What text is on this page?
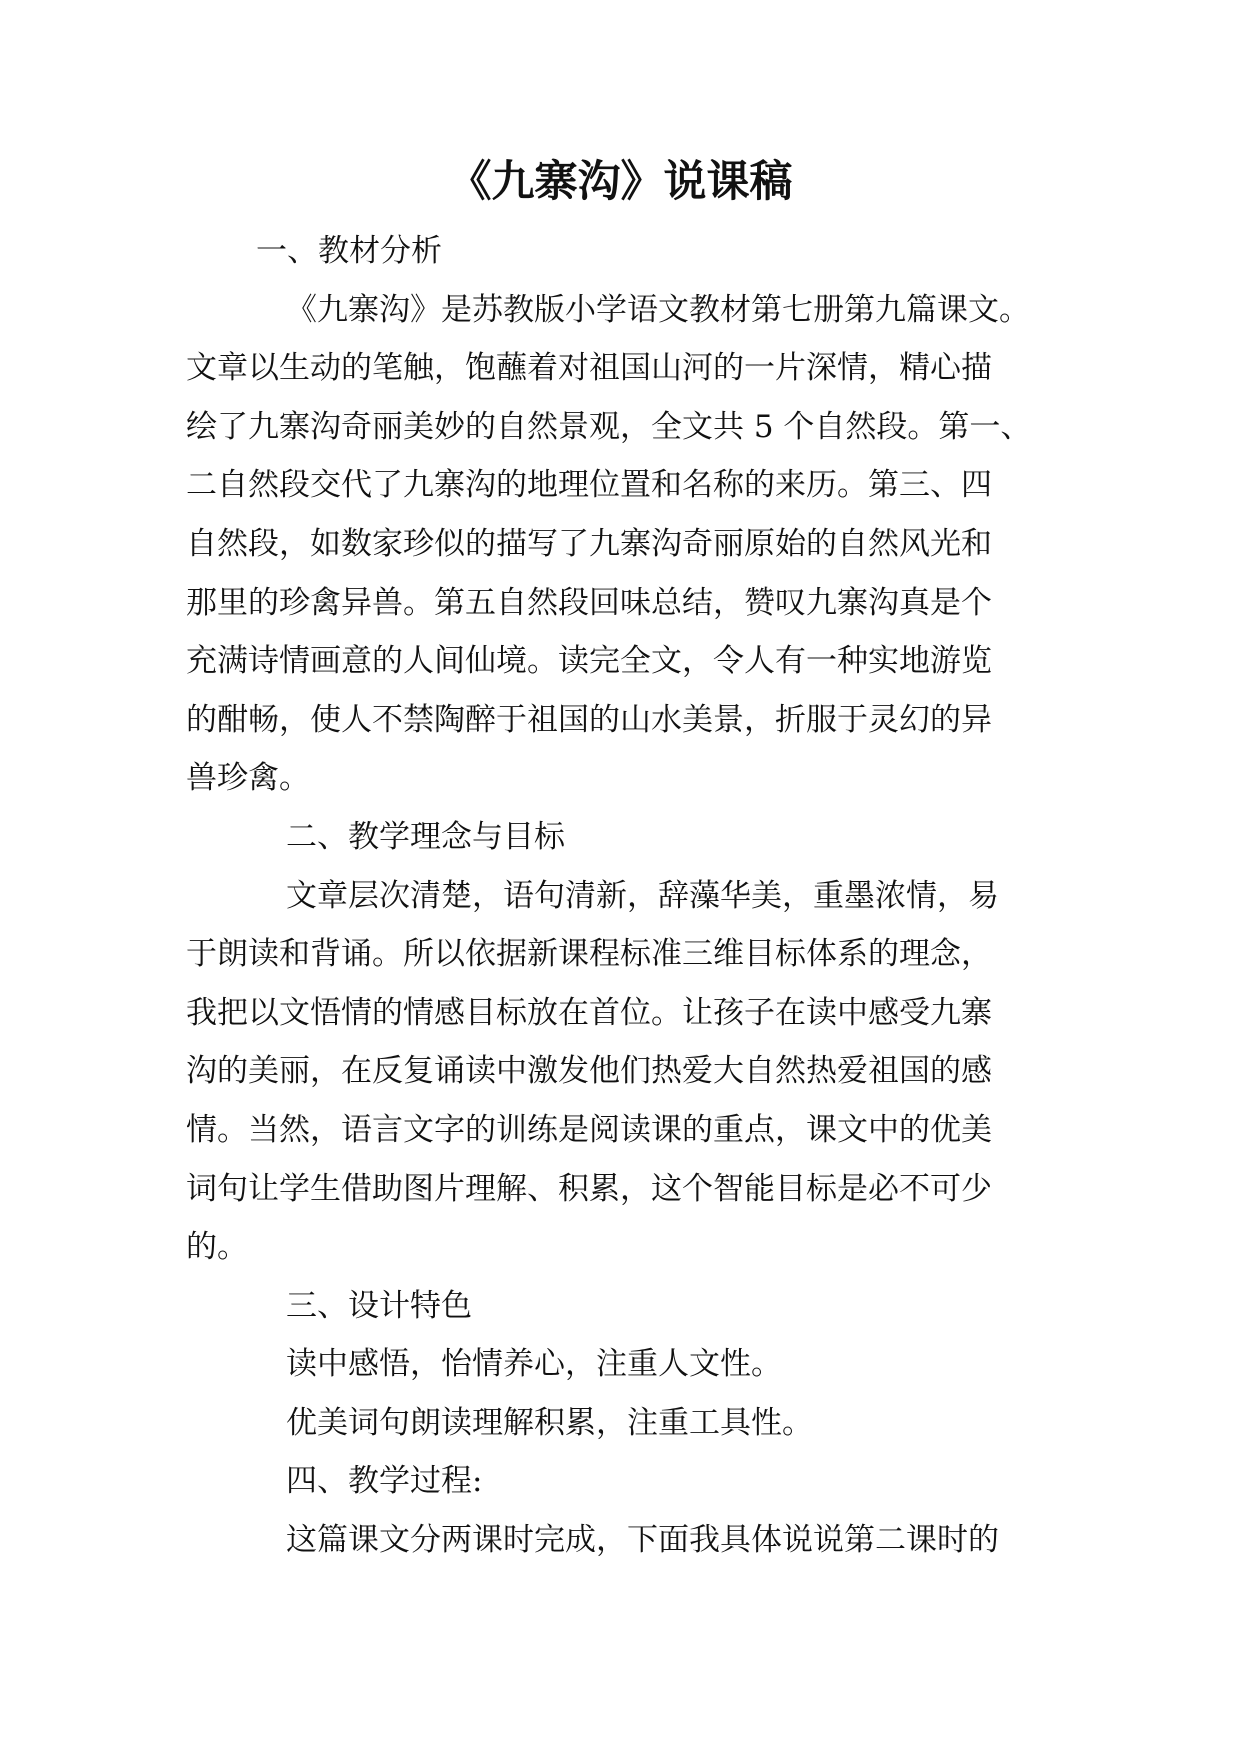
《九寨沟》说课稿
一、教材分析
《九寨沟》是苏教版小学语文教材第七册第九篇课文。
文章以生动的笔触，饱蘸着对祖国山河的一片深情，精心描
绘了九寨沟奇丽美妙的自然景观，全文共 5 个自然段。第一、
二自然段交代了九寨沟的地理位置和名称的来历。第三、四
自然段，如数家珍似的描写了九寨沟奇丽原始的自然风光和
那里的珍禽异兽。第五自然段回味总结，赞叹九寨沟真是个
充满诗情画意的人间仙境。读完全文，令人有一种实地游览
的酣畅，使人不禁陶醉于祖国的山水美景，折服于灵幻的异
兽珍禽。
二、教学理念与目标
文章层次清楚，语句清新，辞藻华美，重墨浓情，易
于朗读和背诵。所以依据新课程标准三维目标体系的理念，
我把以文悟情的情感目标放在首位。让孩子在读中感受九寨
沟的美丽，在反复诵读中激发他们热爱大自然热爱祖国的感
情。当然，语言文字的训练是阅读课的重点，课文中的优美
词句让学生借助图片理解、积累，这个智能目标是必不可少
的。
三、设计特色
读中感悟，怡情养心，注重人文性。
优美词句朗读理解积累，注重工具性。
四、教学过程:
这篇课文分两课时完成，下面我具体说说第二课时的
